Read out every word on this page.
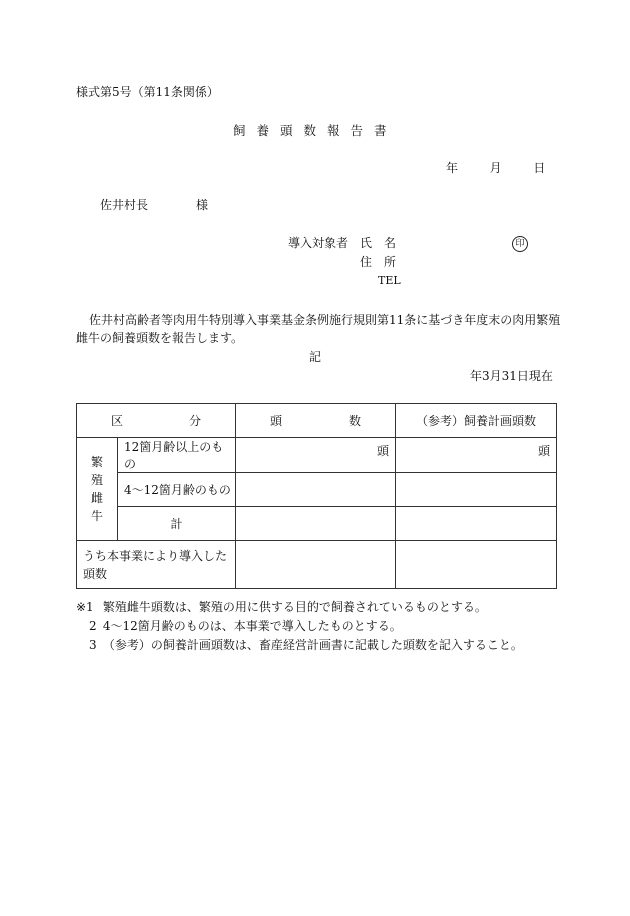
様式第5号（第11条関係）
飼養頭数報告書
年	月	日
佐井村長	様
導入対象者 氏　名	印
住　所
TEL
佐井村高齢者等肉用牛特別導入事業基金条例施行規則第11条に基づき年度末の肉用繁殖
雌牛の飼養頭数を報告します。
記
年3月31日現在
区 分		頭 数	（参考）飼養計画頭数

繁殖
雌牛	12箇月齢以上のもの	頭	頭
	4〜12箇月齢のもの		
	計		

うち本事業により導入した
頭数			

※1 繁殖雌牛頭数は、繁殖の用に供する目的で飼養されているものとする。
2 4〜12箇月齢のものは、本事業で導入したものとする。
3 （参考）の飼養計画頭数は、畜産経営計画書に記載した頭数を記入すること。
